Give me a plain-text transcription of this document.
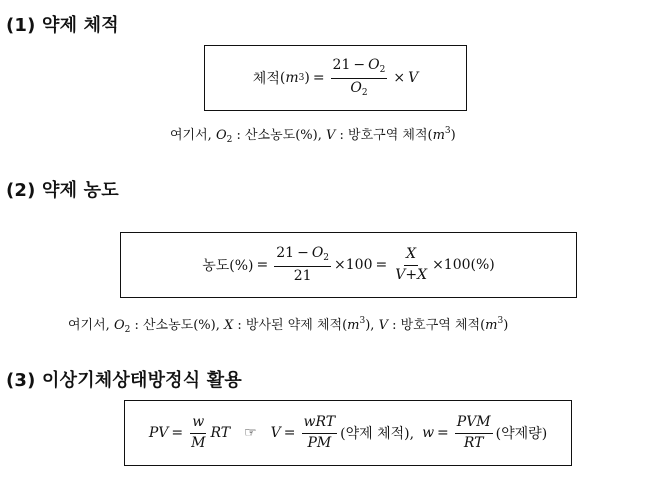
(1) 약제 체적
체적 ( m 3 ) = $\frac{21 - O_2}{O_2} \times V$
여기서, $O_2$ : 산소농도(%), V : 방호구역 체적$(m^3)$
(2) 약제 농도
농도(%) = $\frac{21 - O_2}{21} \times 100 = \frac{X}{V+X} \times 100(\%)$
여기서, $O_2$ : 산소농도(%), X : 방사된 약제 체적$(m^3)$, V : 방호구역 체적$(m^3)$
(3) 이상기체상태방정식 활용
PV = $\frac{w}{M}$ RT ☞ $V = \frac{\text{wRT}}{PM}$ (약제 체적), $w = \frac{\text{PVM}}{RT}$ (약제량)
